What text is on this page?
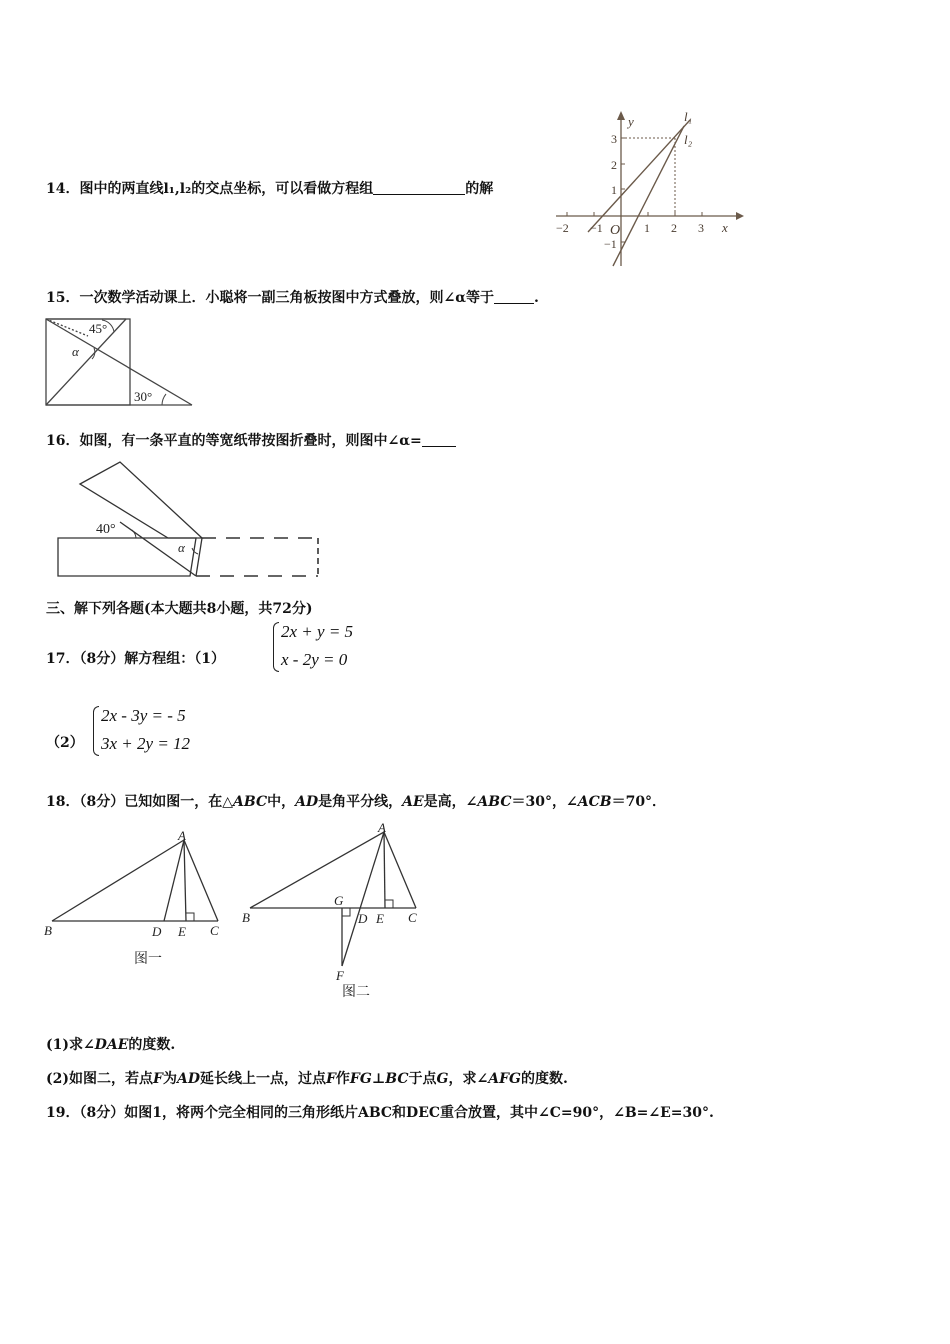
14．图中的两直线l₁,l₂的交点坐标，可以看做方程组	的解
y
x
l₁
l₂
O
−2 −1	1 2 3
1
2
3
−1
15．一次数学活动课上．小聪将一副三角板按图中方式叠放，则∠α等于	.
45°
α
30°
16．如图，有一条平直的等宽纸带按图折叠时，则图中∠α=
40°
α
三、解下列各题(本大题共8小题，共72分)
17．（8分）解方程组：（1）
2x + y = 5
x - 2y = 0
（2）
2x - 3y = - 5
3x + 2y = 12
18．（8分）已知如图一，在△ABC中，AD是角平分线，AE是高，∠ABC＝30°，∠ACB＝70°．
A
B	D E C
图一
A
B
G
D E C
F
图二
(1)求∠DAE的度数.
(2)如图二，若点F为AD延长线上一点，过点F作FG⊥BC于点G，求∠AFG的度数.
19．（8分）如图1，将两个完全相同的三角形纸片ABC和DEC重合放置，其中∠C=90°，∠B=∠E=30°.
